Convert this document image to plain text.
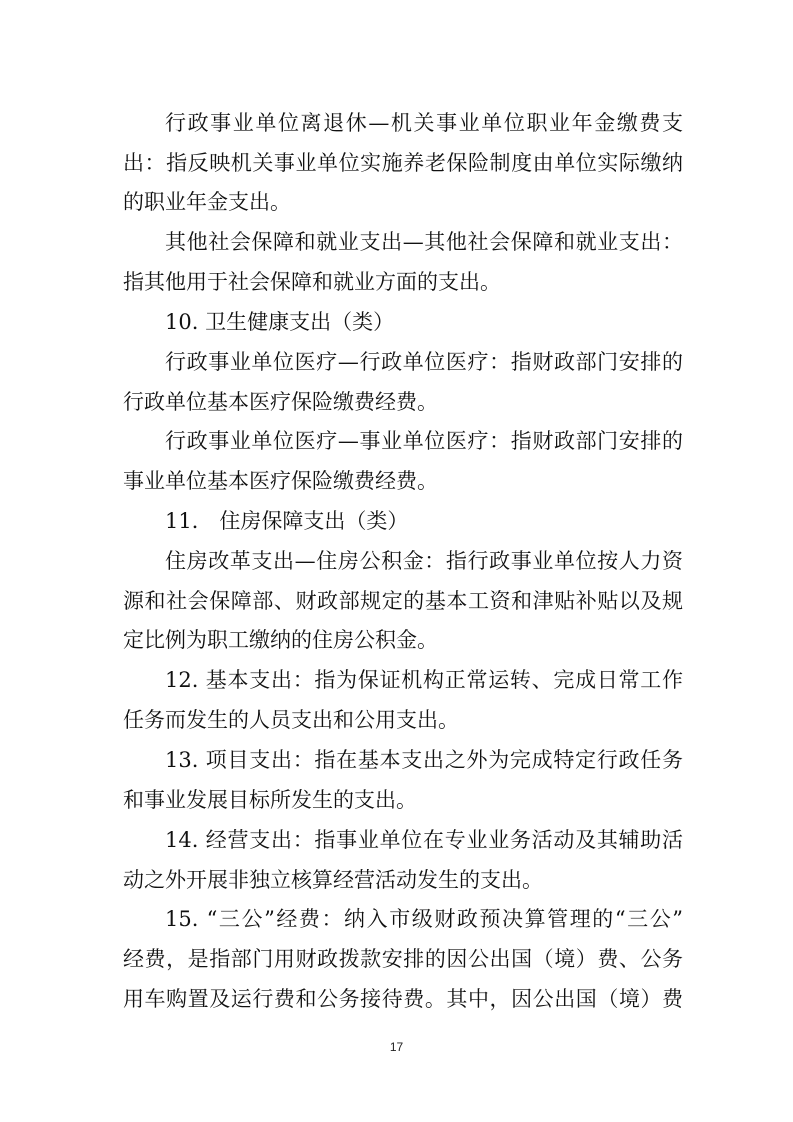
行政事业单位离退休—机关事业单位职业年金缴费支
出：指反映机关事业单位实施养老保险制度由单位实际缴纳
的职业年金支出。
其他社会保障和就业支出—其他社会保障和就业支出：
指其他用于社会保障和就业方面的支出。
10. 卫生健康支出（类）
行政事业单位医疗—行政单位医疗：指财政部门安排的
行政单位基本医疗保险缴费经费。
行政事业单位医疗—事业单位医疗：指财政部门安排的
事业单位基本医疗保险缴费经费。
11． 住房保障支出（类）
住房改革支出—住房公积金：指行政事业单位按人力资
源和社会保障部、财政部规定的基本工资和津贴补贴以及规
定比例为职工缴纳的住房公积金。
12. 基本支出：指为保证机构正常运转、完成日常工作
任务而发生的人员支出和公用支出。
13. 项目支出：指在基本支出之外为完成特定行政任务
和事业发展目标所发生的支出。
14. 经营支出：指事业单位在专业业务活动及其辅助活
动之外开展非独立核算经营活动发生的支出。
15. “三公”经费：纳入市级财政预决算管理的“三公”
经费，是指部门用财政拨款安排的因公出国（境）费、公务
用车购置及运行费和公务接待费。其中，因公出国（境）费
17
